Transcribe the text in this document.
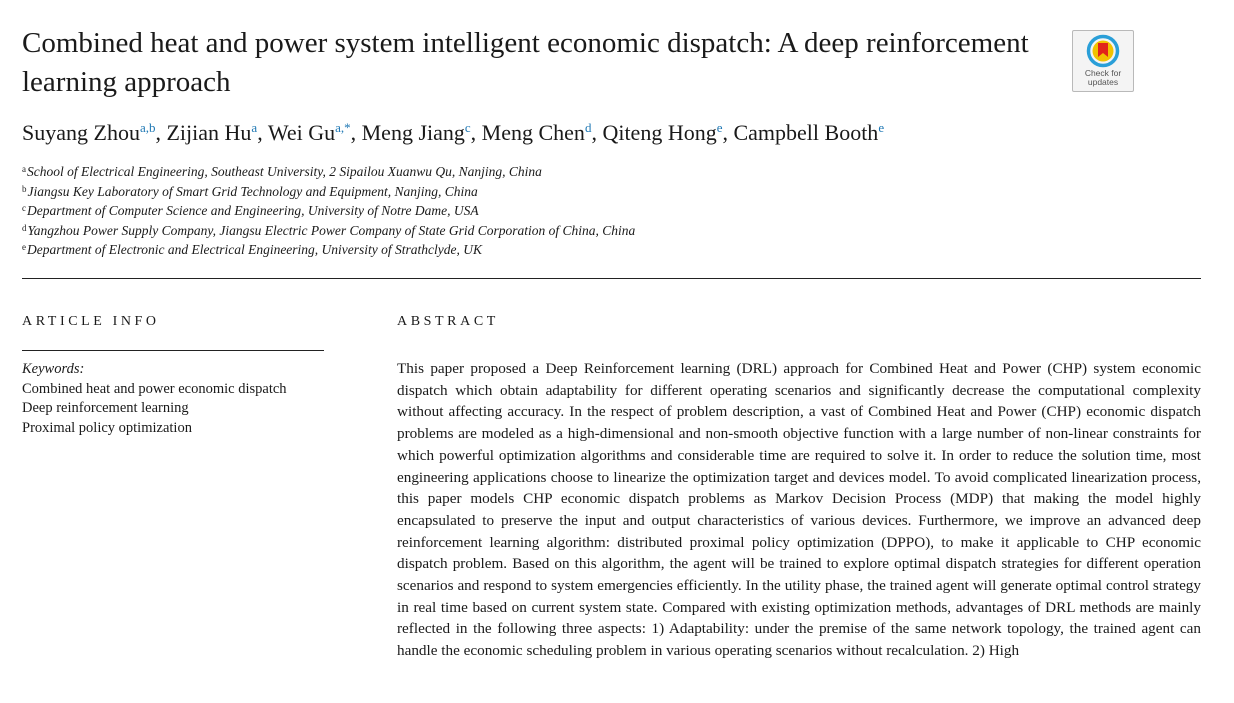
Combined heat and power system intelligent economic dispatch: A deep reinforcement learning approach	Check for updates
Suyang Zhou$^{a,b}$, Zijian Hu$^a$, Wei $Gu^{a,*}$, Meng Jiang$^c$, Meng Chen$^d$, Qiteng Hong$^e$, Campbell Booth$^e$
$^a$School of Electrical Engineering, Southeast University, 2 Sipailou Xuanwu Qu, Nanjing, China
$^b$Jiangsu Key Laboratory of Smart Grid Technology and Equipment, Nanjing, China
$^c$Department of Computer Science and Engineering, University of Notre Dame, USA
$^d$Yangzhou Power Supply Company, Jiangsu Electric Power Company of State Grid Corporation of China, China
$^e$Department of Electronic and Electrical Engineering, University of Strathclyde, UK
ARTICLE INFO	ABSTRACT
Keywords:
Combined heat and power economic dispatch
Deep reinforcement learning
Proximal policy optimization

This paper proposed a Deep Reinforcement learning (DRL) approach for Combined Heat and Power (CHP) system economic dispatch which obtain adaptability for different operating scenarios and significantly decrease the computational complexity without affecting accuracy. In the respect of problem description, a vast of Combined Heat and Power (CHP) economic dispatch problems are modeled as a high-dimensional and non-smooth objective function with a large number of non-linear constraints for which powerful optimization algorithms and considerable time are required to solve it. In order to reduce the solution time, most engineering applications choose to linearize the optimization target and devices model. To avoid complicated linearization process, this paper models CHP economic dispatch problems as Markov Decision Process (MDP) that making the model highly encapsulated to preserve the input and output characteristics of various devices. Furthermore, we improve an advanced deep reinforcement learning algorithm: distributed proximal policy optimization (DPPO), to make it applicable to CHP economic dispatch problem. Based on this algorithm, the agent will be trained to explore optimal dispatch strategies for different operation scenarios and respond to system emergencies efficiently. In the utility phase, the trained agent will generate optimal control strategy in real time based on current system state. Compared with existing optimization methods, advantages of DRL methods are mainly reflected in the following three aspects: 1) Adaptability: under the premise of the same network topology, the trained agent can handle the economic scheduling problem in various operating scenarios without recalculation. 2) High
